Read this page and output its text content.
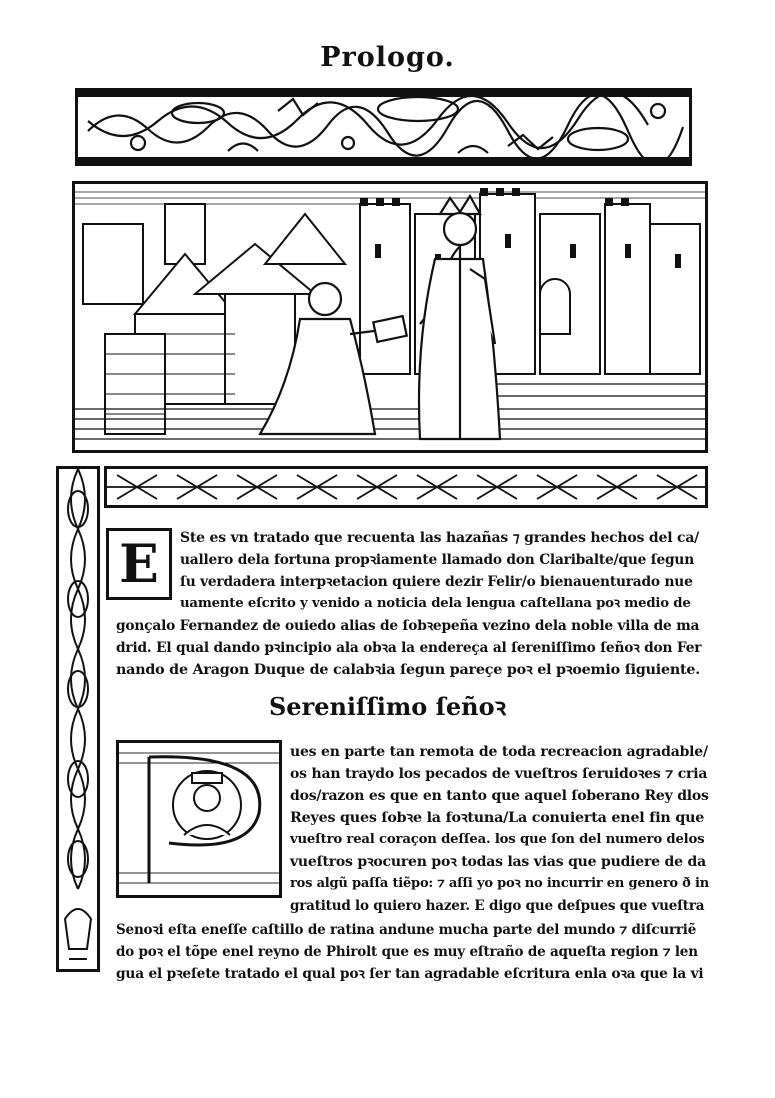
Prologo.
E	Ste es vn tratado que recuenta las hazañas ⁊ grandes hechos del ca/
uallero dela fortuna propꝛiamente llamado don Claribalte/que ſegun
ſu verdadera interpꝛetacion quiere dezir Felir/o bienauenturado nue
uamente eſcrito y venido a noticia dela lengua caſtellana poꝛ medio de
gonçalo Fernandez de ouiedo alias de ſobꝛepeña vezino dela noble villa de ma
drid. El qual dando pꝛincipio ala obꝛa la endereça al ſereniſſimo ſeñoꝛ don Fer
nando de Aragon Duque de calabꝛia ſegun pareçe poꝛ el pꝛoemio ſiguiente.
Sereniſſimo ſeñoꝛ
ues en parte tan remota de toda recreacion agradable/
os han traydo los pecados de vueſtros ſeruidoꝛes ⁊ cria
dos/razon es que en tanto que aquel ſoberano Rey dlos
Reyes ques ſobꝛe la foꝛtuna/La conuierta enel fin que
vueſtro real coraçon deſſea. los que ſon del numero delos
vueſtros pꝛocuren poꝛ todas las vias que pudiere de da
ros algũ paſſa tiẽpo: ⁊ aſſi yo poꝛ no incurrir en genero ð in
gratitud lo quiero hazer. E digo que deſpues que vueſtra
Senoꝛi eſta eneſſe caſtillo de ratina andune mucha parte del mundo ⁊ diſcurriẽ
do poꝛ el tõpe enel reyno de Phirolt que es muy eſtraño de aqueſta region ⁊ len
gua el pꝛeſete tratado el qual poꝛ ſer tan agradable eſcritura enla oꝛa que la vi
